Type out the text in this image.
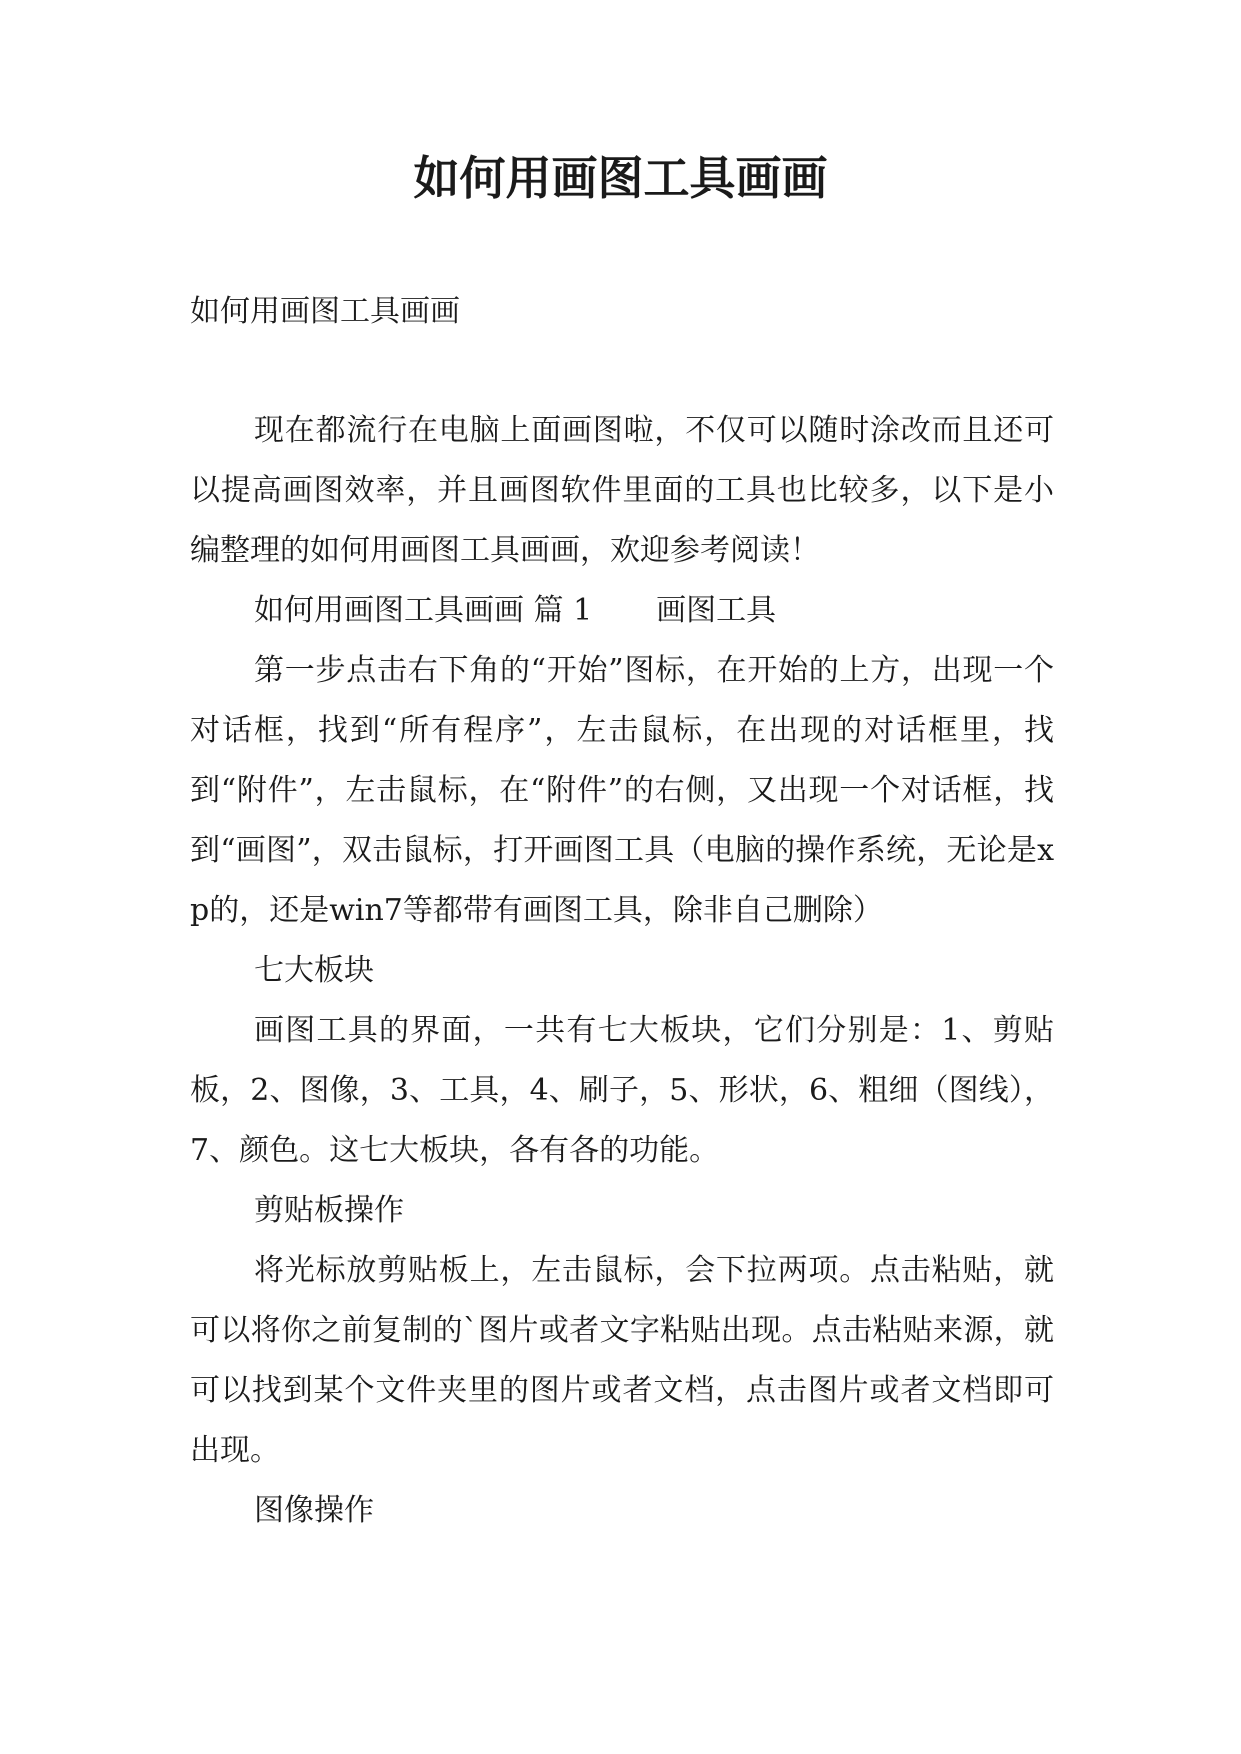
如何用画图工具画画

如何用画图工具画画

现在都流行在电脑上面画图啦，不仅可以随时涂改而且还可以提高画图效率，并且画图软件里面的工具也比较多，以下是小编整理的如何用画图工具画画，欢迎参考阅读！

如何用画图工具画画 篇 1 画图工具

第一步点击右下角的“开始”图标，在开始的上方，出现一个对话框，找到“所有程序”，左击鼠标，在出现的对话框里，找到“附件”，左击鼠标，在“附件”的右侧，又出现一个对话框，找到“画图”，双击鼠标，打开画图工具（电脑的操作系统，无论是xp的，还是win7等都带有画图工具，除非自己删除）

七大板块

画图工具的界面，一共有七大板块，它们分别是：1、剪贴板，2、图像，3、工具，4、刷子，5、形状，6、粗细（图线），7、颜色。这七大板块，各有各的功能。

剪贴板操作

将光标放剪贴板上，左击鼠标，会下拉两项。点击粘贴，就可以将你之前复制的`图片或者文字粘贴出现。点击粘贴来源，就可以找到某个文件夹里的图片或者文档，点击图片或者文档即可出现。

图像操作
